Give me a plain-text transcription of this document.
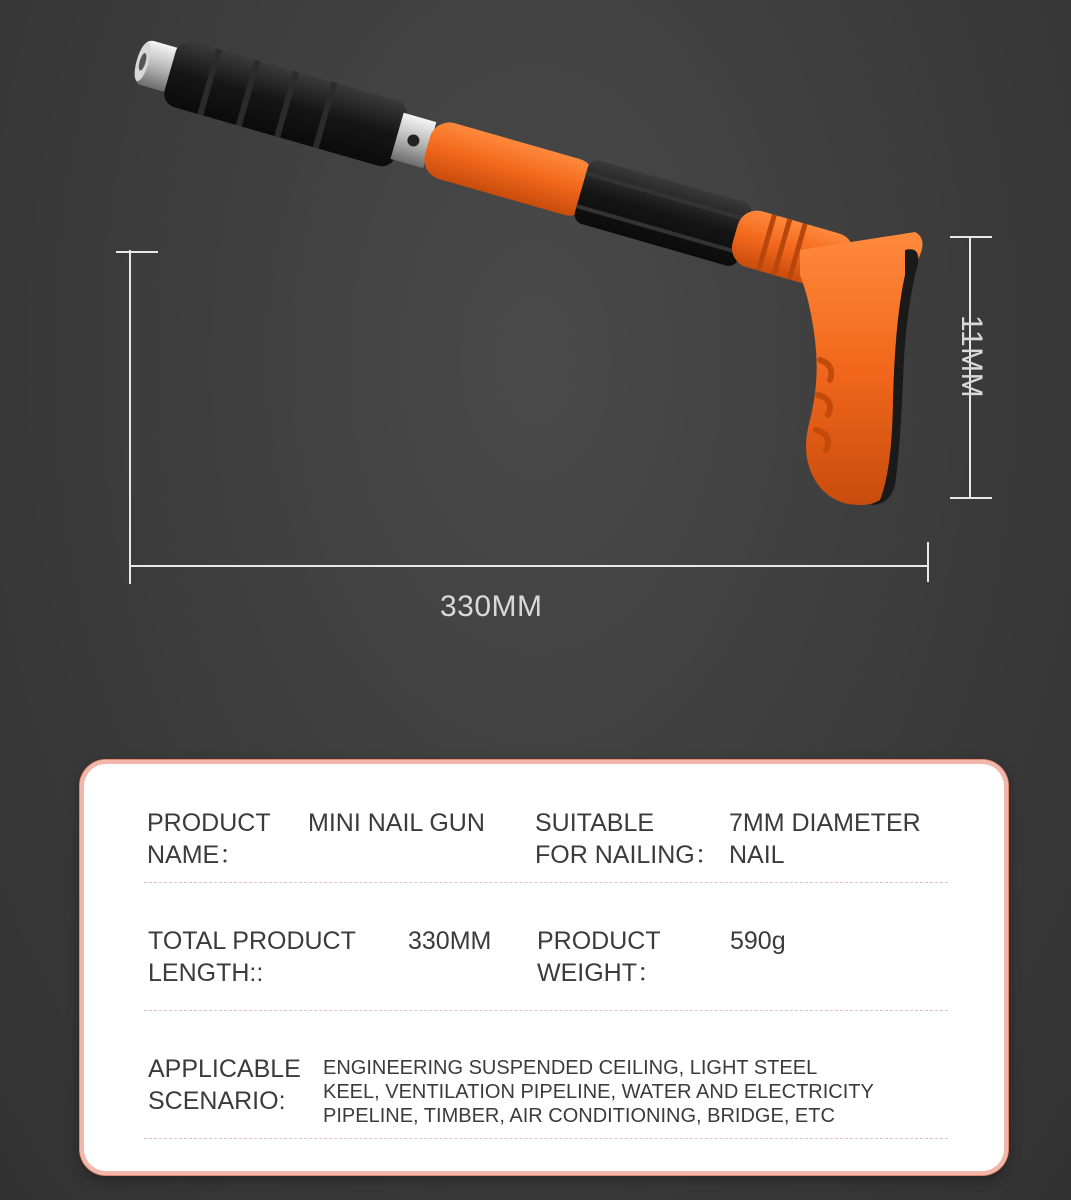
330MM
11MM
PRODUCT
NAME：
MINI NAIL GUN SUITABLE
FOR NAILING：
7MM DIAMETER
NAIL
TOTAL PRODUCT
LENGTH::
330MM PRODUCT
WEIGHT：
590g
APPLICABLE
SCENARIO:
ENGINEERING SUSPENDED CEILING, LIGHT STEEL
KEEL, VENTILATION PIPELINE, WATER AND ELECTRICITY
PIPELINE, TIMBER, AIR CONDITIONING, BRIDGE, ETC
